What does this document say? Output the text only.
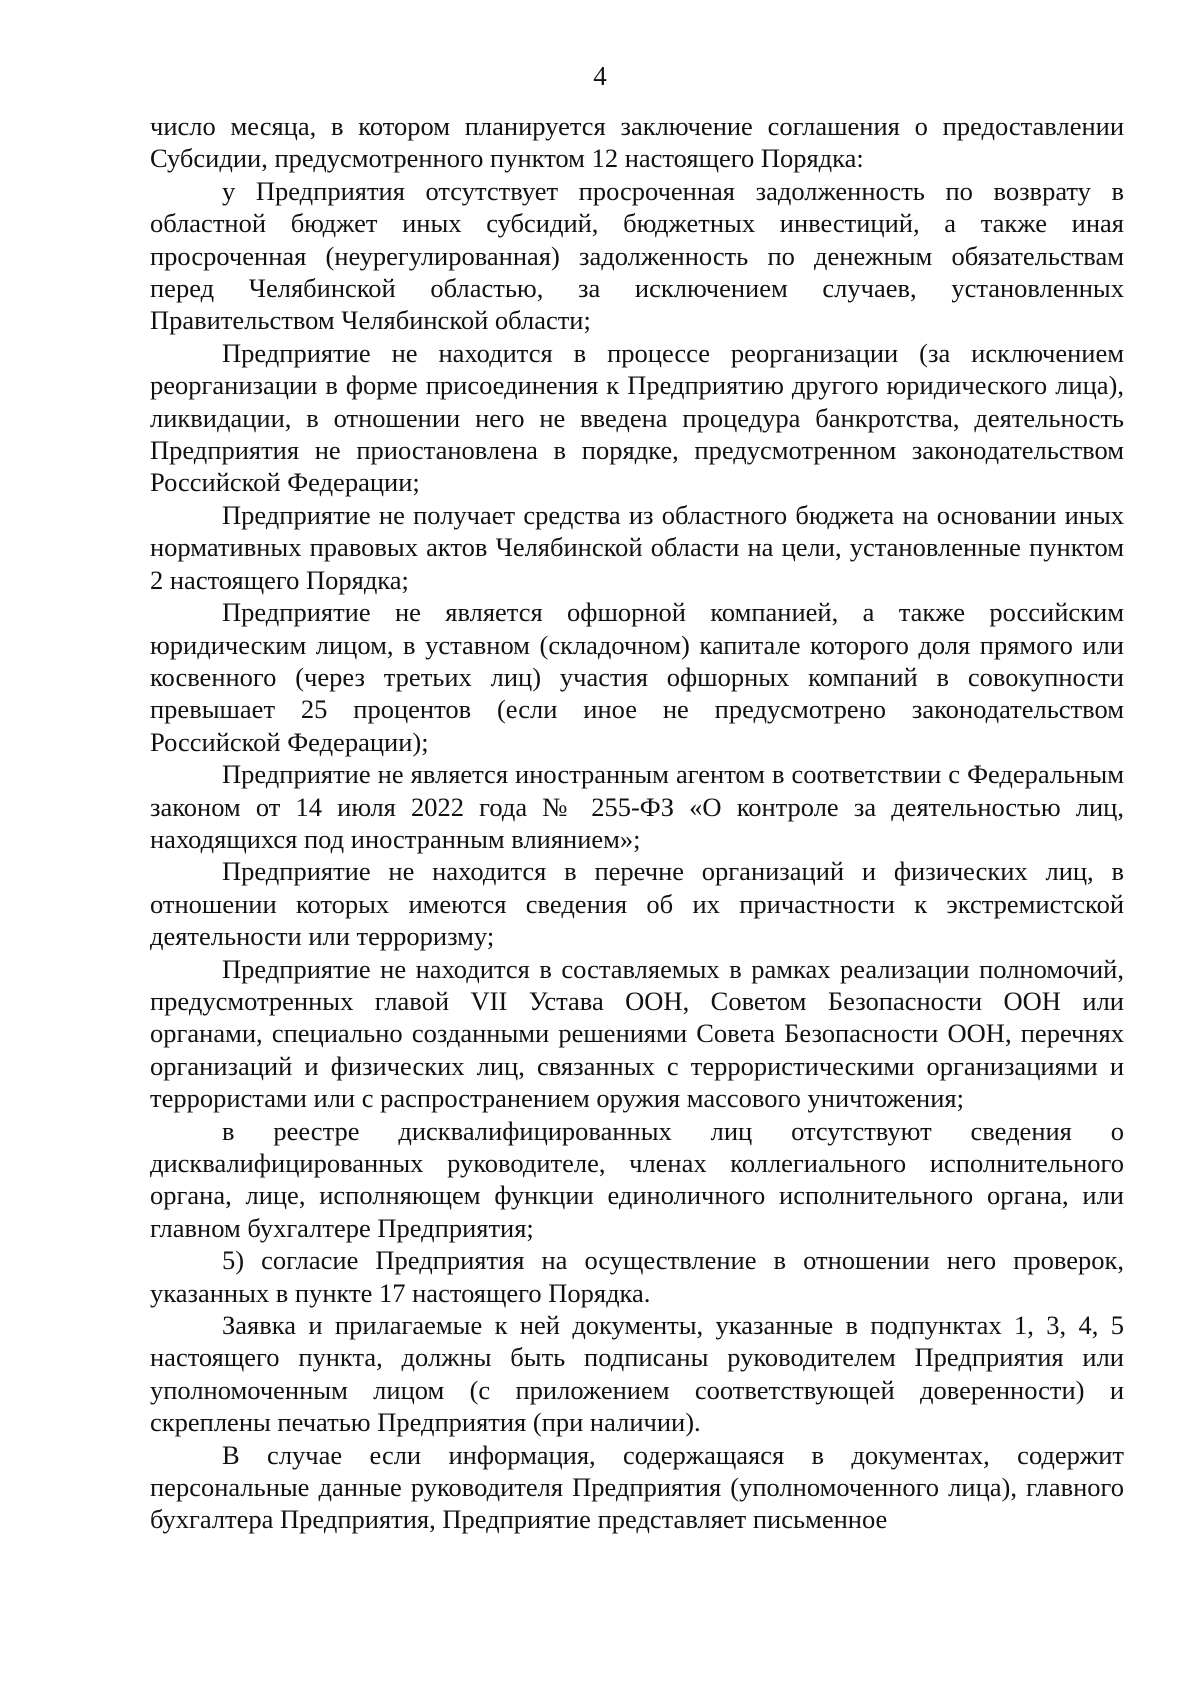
4

число месяца, в котором планируется заключение соглашения о предоставлении Субсидии, предусмотренного пунктом 12 настоящего Порядка:

у Предприятия отсутствует просроченная задолженность по возврату в областной бюджет иных субсидий, бюджетных инвестиций, а также иная просроченная (неурегулированная) задолженность по денежным обязательствам перед Челябинской областью, за исключением случаев, установленных Правительством Челябинской области;

Предприятие не находится в процессе реорганизации (за исключением реорганизации в форме присоединения к Предприятию другого юридического лица), ликвидации, в отношении него не введена процедура банкротства, деятельность Предприятия не приостановлена в порядке, предусмотренном законодательством Российской Федерации;

Предприятие не получает средства из областного бюджета на основании иных нормативных правовых актов Челябинской области на цели, установленные пунктом 2 настоящего Порядка;

Предприятие не является офшорной компанией, а также российским юридическим лицом, в уставном (складочном) капитале которого доля прямого или косвенного (через третьих лиц) участия офшорных компаний в совокупности превышает 25 процентов (если иное не предусмотрено законодательством Российской Федерации);

Предприятие не является иностранным агентом в соответствии с Федеральным законом от 14 июля 2022 года № 255-ФЗ «О контроле за деятельностью лиц, находящихся под иностранным влиянием»;

Предприятие не находится в перечне организаций и физических лиц, в отношении которых имеются сведения об их причастности к экстремистской деятельности или терроризму;

Предприятие не находится в составляемых в рамках реализации полномочий, предусмотренных главой VII Устава ООН, Советом Безопасности ООН или органами, специально созданными решениями Совета Безопасности ООН, перечнях организаций и физических лиц, связанных с террористическими организациями и террористами или с распространением оружия массового уничтожения;

в реестре дисквалифицированных лиц отсутствуют сведения о дисквалифицированных руководителе, членах коллегиального исполнительного органа, лице, исполняющем функции единоличного исполнительного органа, или главном бухгалтере Предприятия;

5) согласие Предприятия на осуществление в отношении него проверок, указанных в пункте 17 настоящего Порядка.

Заявка и прилагаемые к ней документы, указанные в подпунктах 1, 3, 4, 5 настоящего пункта, должны быть подписаны руководителем Предприятия или уполномоченным лицом (с приложением соответствующей доверенности) и скреплены печатью Предприятия (при наличии).

В случае если информация, содержащаяся в документах, содержит персональные данные руководителя Предприятия (уполномоченного лица), главного бухгалтера Предприятия, Предприятие представляет письменное
